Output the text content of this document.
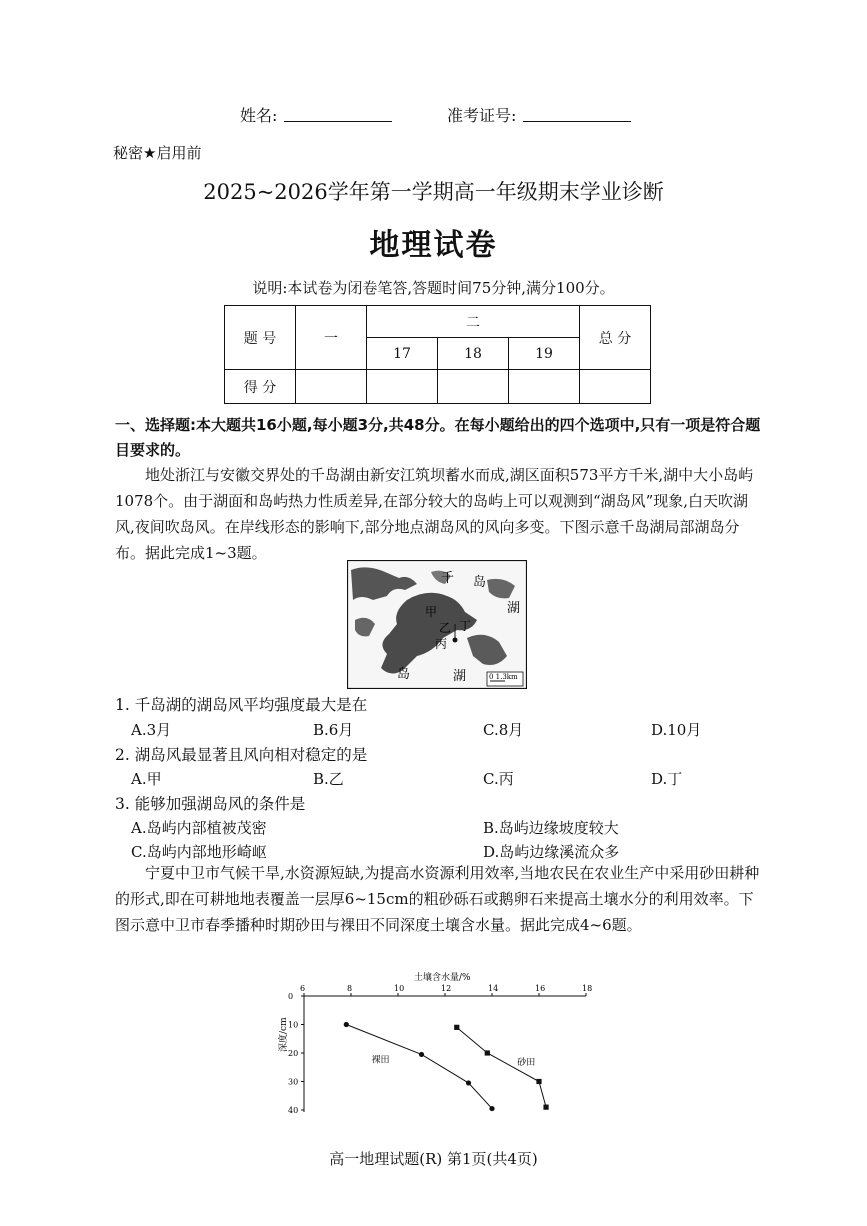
姓名:	准考证号:
秘密★启用前
2025~2026学年第一学期高一年级期末学业诊断
地理试卷
说明:本试卷为闭卷笔答,答题时间75分钟,满分100分。
题 号	一	二			总 分
		17	18	19	
得 分					
一、选择题:本大题共16小题,每小题3分,共48分。在每小题给出的四个选项中,只有一项是符合题目要求的。
地处浙江与安徽交界处的千岛湖由新安江筑坝蓄水而成,湖区面积573平方千米,湖中大小岛屿1078个。由于湖面和岛屿热力性质差异,在部分较大的岛屿上可以观测到“湖岛风”现象,白天吹湖风,夜间吹岛风。在岸线形态的影响下,部分地点湖岛风的风向多变。下图示意千岛湖局部湖岛分布。据此完成1~3题。
千 岛
湖
甲
乙
丙
丁
岛	湖	0 1.3km
1. 千岛湖的湖岛风平均强度最大是在
A.3月	B.6月	C.8月	D.10月
2. 湖岛风最显著且风向相对稳定的是
A.甲	B.乙	C.丙	D.丁
3. 能够加强湖岛风的条件是
A.岛屿内部植被茂密	B.岛屿边缘坡度较大
C.岛屿内部地形崎岖	D.岛屿边缘溪流众多
宁夏中卫市气候干旱,水资源短缺,为提高水资源利用效率,当地农民在农业生产中采用砂田耕种的形式,即在可耕地地表覆盖一层厚6~15cm的粗砂砾石或鹅卵石来提高土壤水分的利用效率。下图示意中卫市春季播种时期砂田与裸田不同深度土壤含水量。据此完成4~6题。
土壤含水量/%
深度/cm
6	8	10	12	14	16	18
0
10
20
30
40
裸田	砂田
高一地理试题(R) 第1页(共4页)
